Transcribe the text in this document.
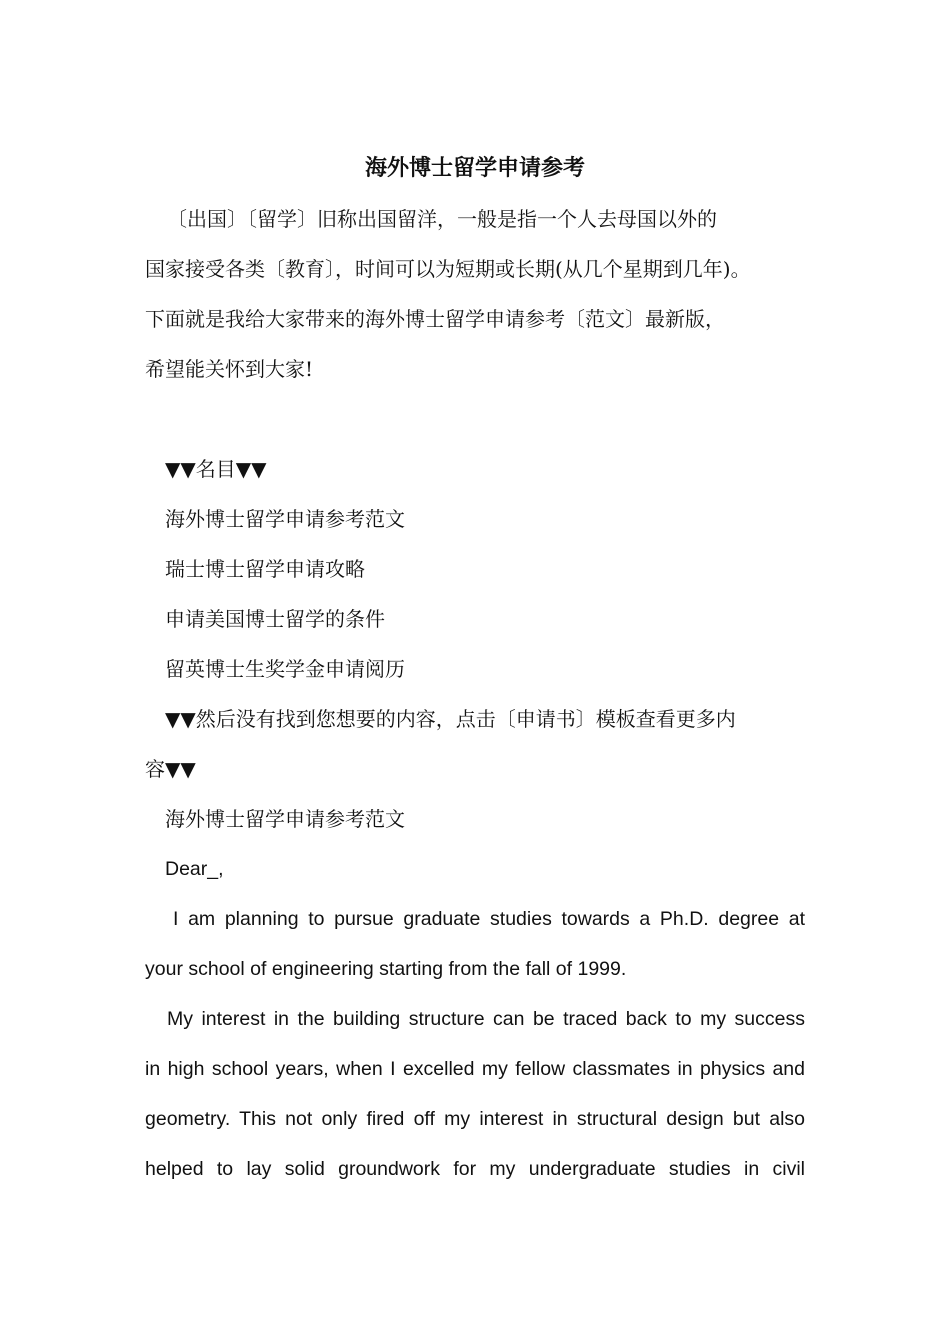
海外博士留学申请参考
〔出国〕〔留学〕旧称出国留洋，一般是指一个人去母国以外的
国家接受各类〔教育〕，时间可以为短期或长期(从几个星期到几年)。
下面就是我给大家带来的海外博士留学申请参考〔范文〕最新版，
希望能关怀到大家!
▼▼名目▼▼
海外博士留学申请参考范文
瑞士博士留学申请攻略
申请美国博士留学的条件
留英博士生奖学金申请阅历
▼▼然后没有找到您想要的内容，点击〔申请书〕模板查看更多内
容▼▼
海外博士留学申请参考范文
Dear_,
I am planning to pursue graduate studies towards a Ph.D. degree at
your school of engineering starting from the fall of 1999.
My interest in the building structure can be traced back to my success
in high school years, when I excelled my fellow classmates in physics and
geometry. This not only fired off my interest in structural design but also
helped to lay solid groundwork for my undergraduate studies in civil
